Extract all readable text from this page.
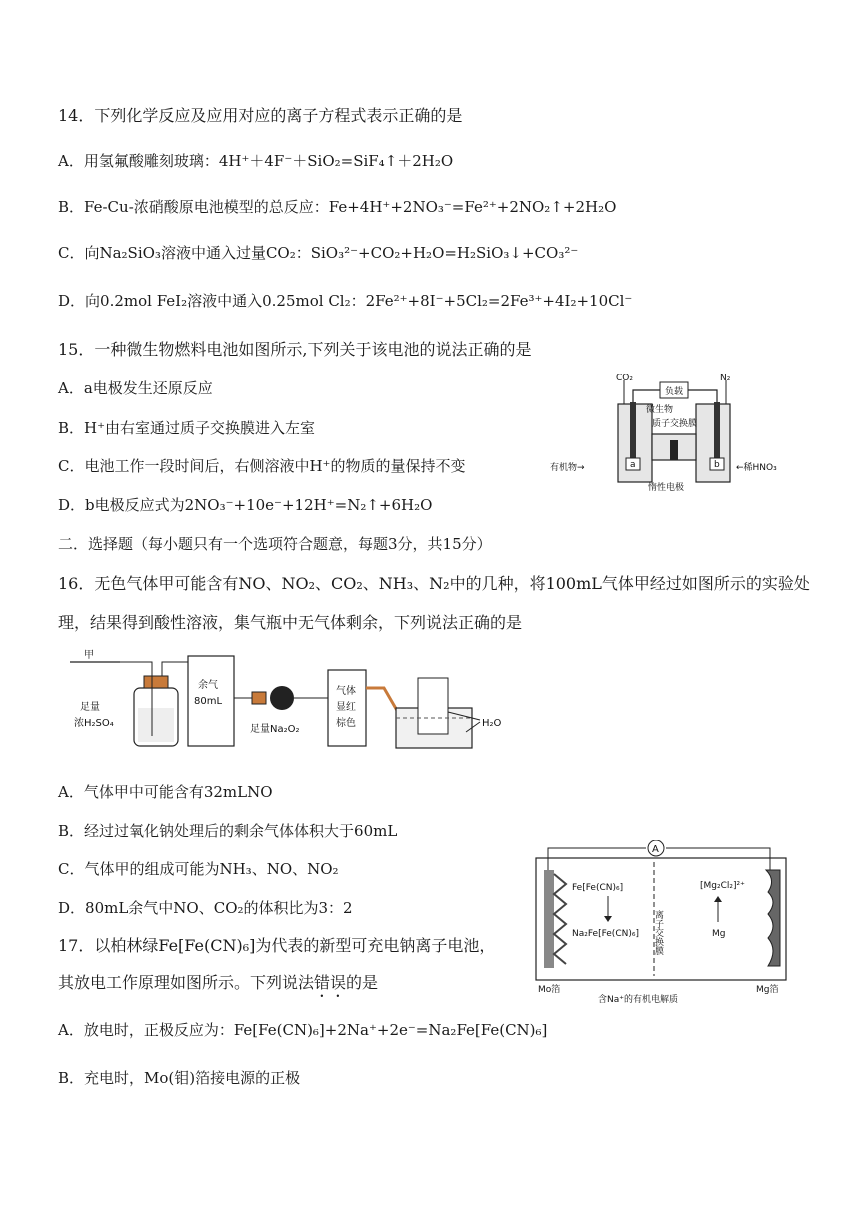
14．下列化学反应及应用对应的离子方程式表示正确的是
A．用氢氟酸雕刻玻璃：4H⁺＋4F⁻＋SiO₂=SiF₄↑＋2H₂O
B．Fe-Cu-浓硝酸原电池模型的总反应：Fe+4H⁺+2NO₃⁻=Fe²⁺+2NO₂↑+2H₂O
C．向Na₂SiO₃溶液中通入过量CO₂：SiO₃²⁻+CO₂+H₂O=H₂SiO₃↓+CO₃²⁻
D．向0.2mol FeI₂溶液中通入0.25mol Cl₂：2Fe²⁺+8I⁻+5Cl₂=2Fe³⁺+4I₂+10Cl⁻
15．一种微生物燃料电池如图所示,下列关于该电池的说法正确的是
A．a电极发生还原反应
B．H⁺由右室通过质子交换膜进入左室
C．电池工作一段时间后，右侧溶液中H⁺的物质的量保持不变
D．b电极反应式为2NO₃⁻+10e⁻+12H⁺=N₂↑+6H₂O
a	b
负载
CO₂	N₂
微生物
质子交换膜
有机物→	←稀HNO₃
惰性电极
二．选择题（每小题只有一个选项符合题意，每题3分，共15分）
16．无色气体甲可能含有NO、NO₂、CO₂、NH₃、N₂中的几种，将100mL气体甲经过如图所示的实验处
理，结果得到酸性溶液，集气瓶中无气体剩余，下列说法正确的是
甲
足量
浓H₂SO₄
余气
80mL
足量Na₂O₂
气体
显红
棕色	H₂O
A．气体甲中可能含有32mLNO
B．经过过氧化钠处理后的剩余气体体积大于60mL
C．气体甲的组成可能为NH₃、NO、NO₂
D．80mL余气中NO、CO₂的体积比为3：2
A
Fe[Fe(CN)₆]
Na₂Fe[Fe(CN)₆] 离子交换膜
[Mg₂Cl₂]²⁺
Mg
Mo箔	Mg箔
含Na⁺的有机电解质
17．以柏林绿Fe[Fe(CN)₆]为代表的新型可充电钠离子电池，
其放电工作原理如图所示。下列说法错误的是
A．放电时，正极反应为：Fe[Fe(CN)₆]+2Na⁺+2e⁻=Na₂Fe[Fe(CN)₆]
B．充电时，Mo(钼)箔接电源的正极
